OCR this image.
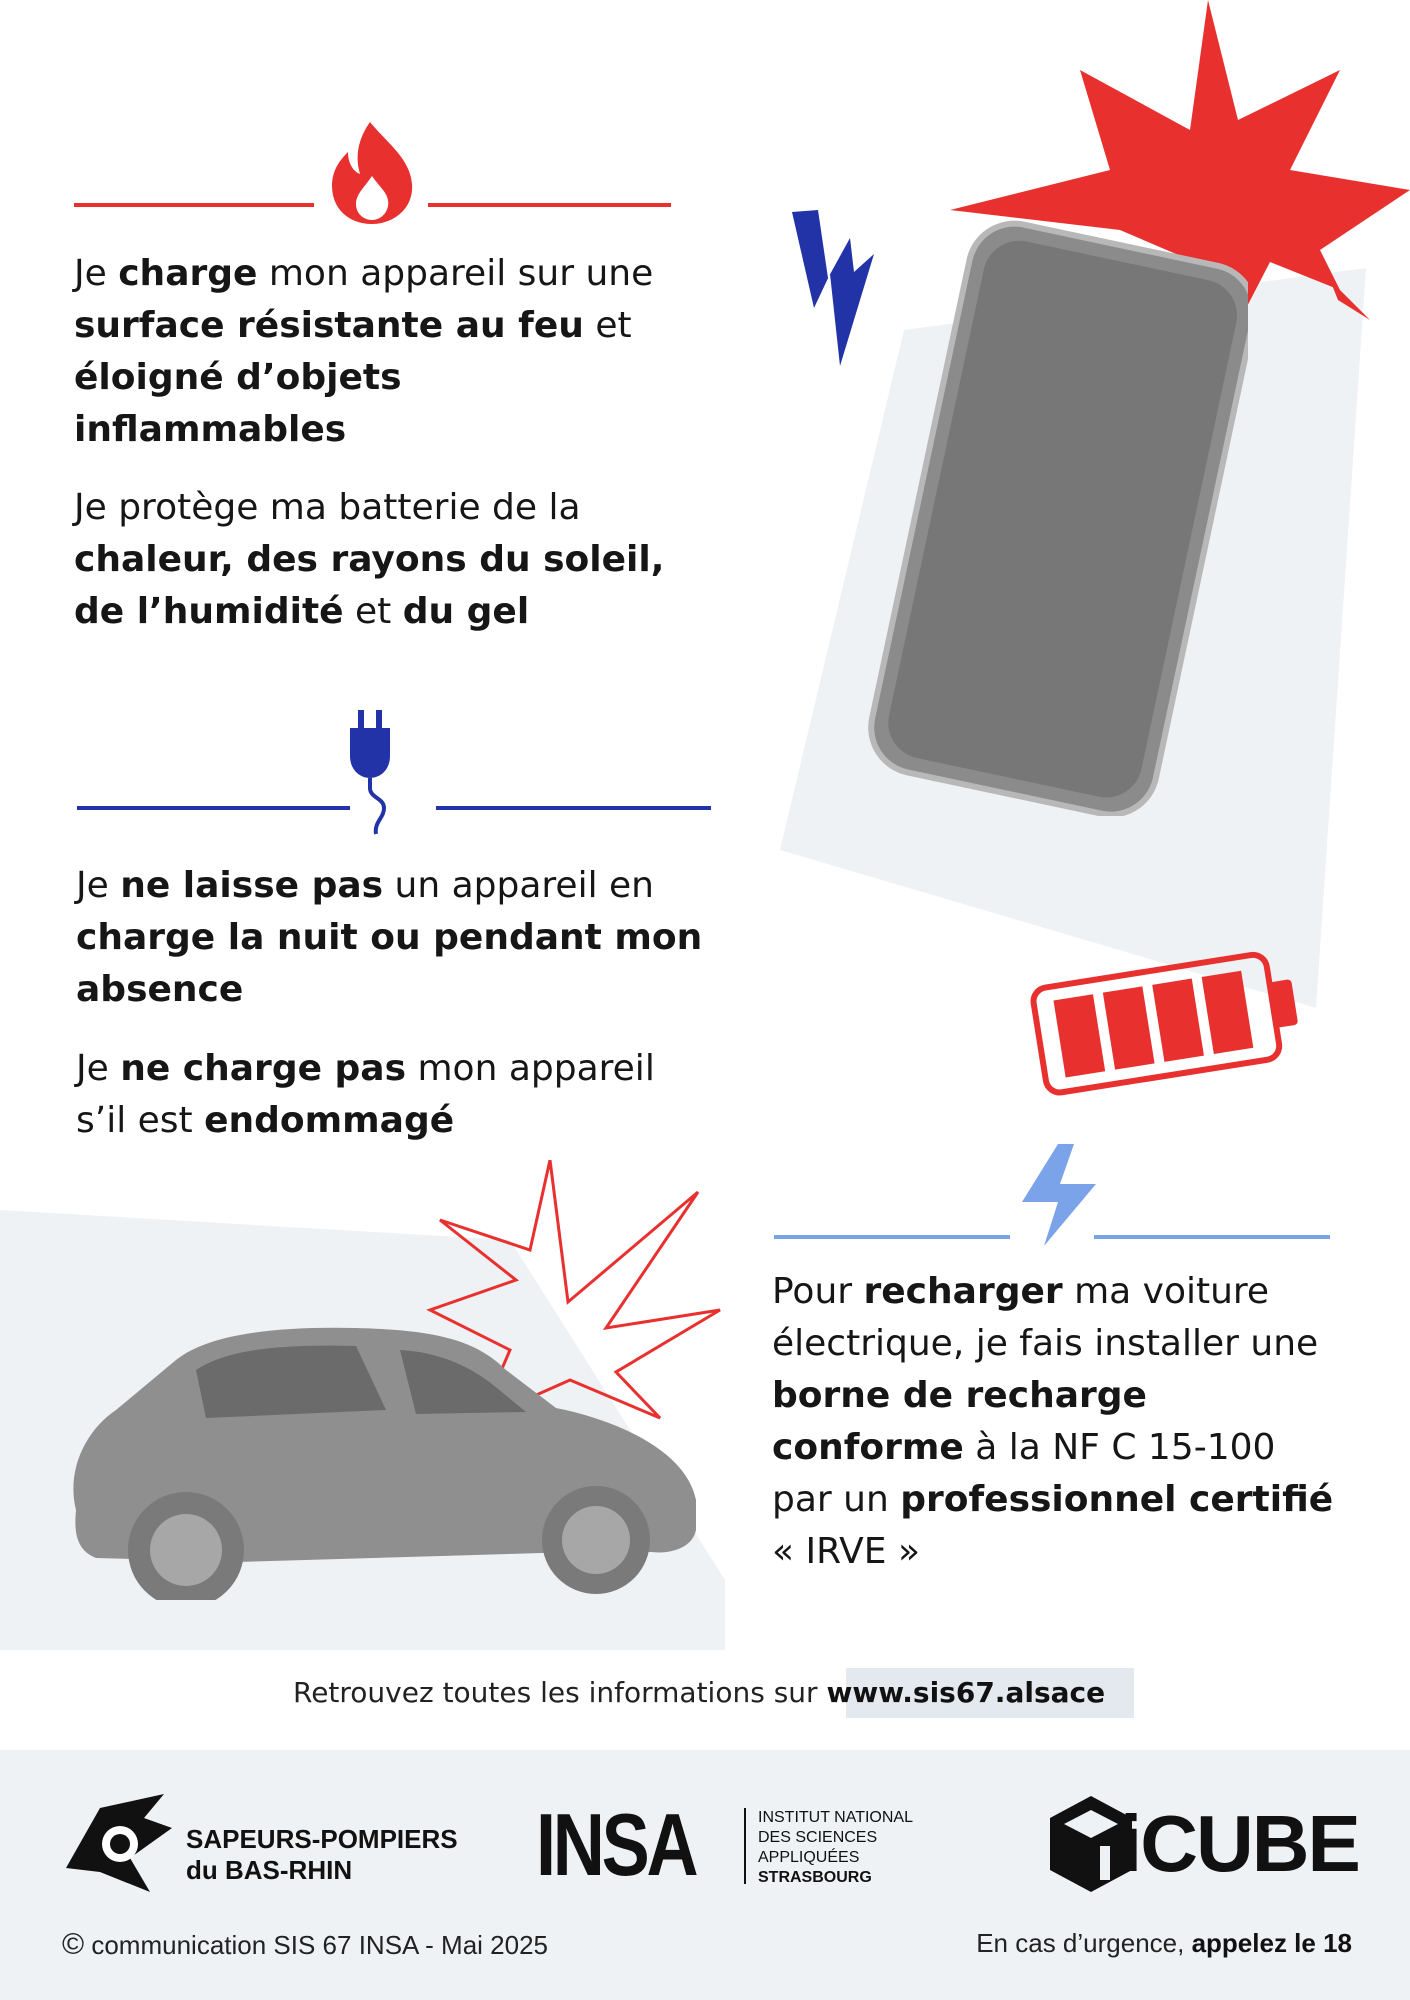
Je charge mon appareil sur une surface résistante au feu et éloigné d’objets inflammables
Je protège ma batterie de la chaleur, des rayons du soleil, de l’humidité et du gel
Je ne laisse pas un appareil en charge la nuit ou pendant mon absence
Je ne charge pas mon appareil s’il est endommagé
Pour recharger ma voiture électrique, je fais installer une borne de recharge conforme à la NF C 15-100 par un professionnel certifié « IRVE »
Retrouvez toutes les informations sur www.sis67.alsace
SAPEURS-POMPIERS
du BAS-RHIN	INSA	INSTITUT NATIONAL
DES SCIENCES
APPLIQUÉES
STRASBOURG	iCUBE
© communication SIS 67 INSA - Mai 2025	En cas d’urgence, appelez le 18
